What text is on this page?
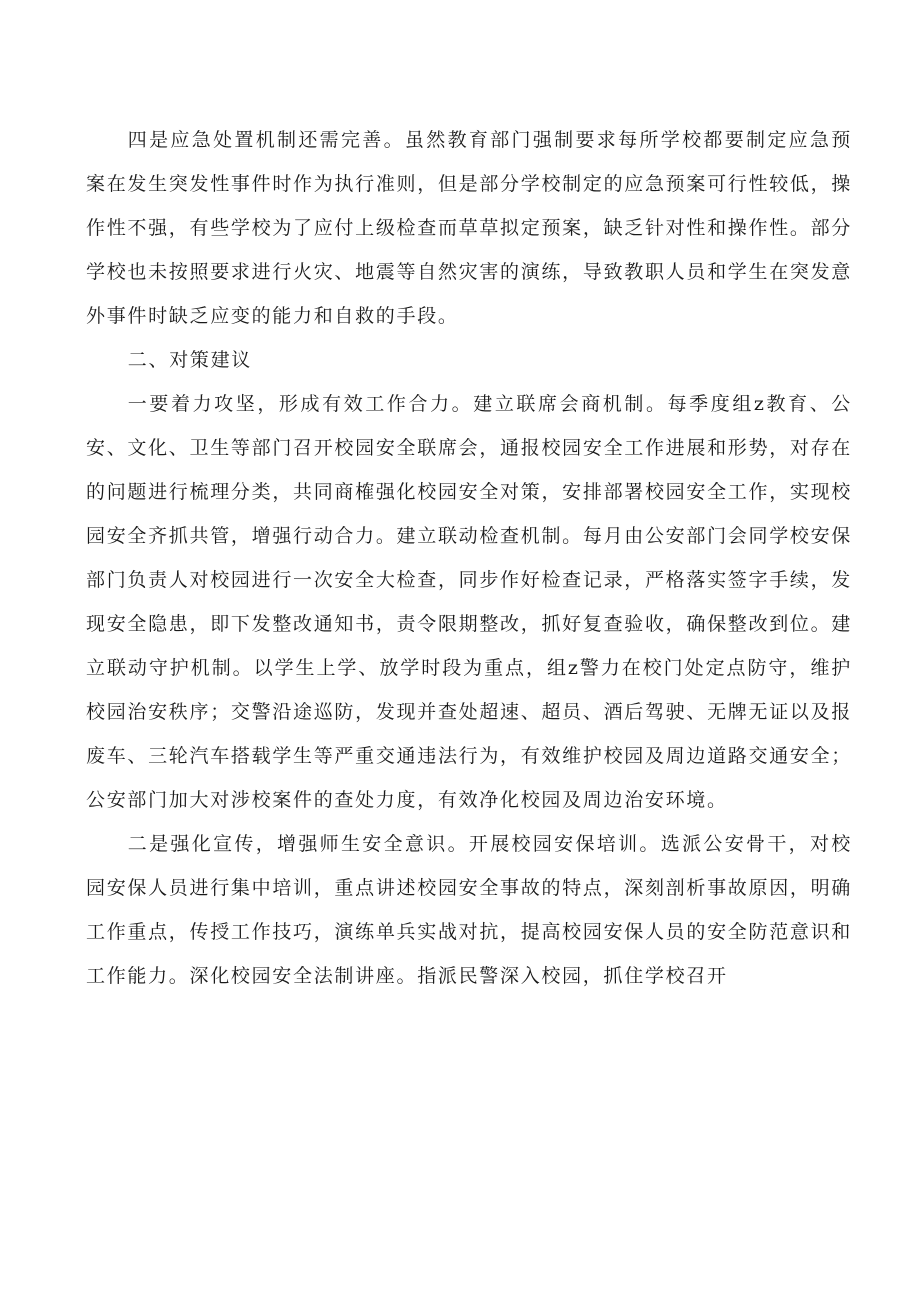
四是应急处置机制还需完善。虽然教育部门强制要求每所学校都要制定应急预案在发生突发性事件时作为执行准则，但是部分学校制定的应急预案可行性较低，操作性不强，有些学校为了应付上级检查而草草拟定预案，缺乏针对性和操作性。部分学校也未按照要求进行火灾、地震等自然灾害的演练，导致教职人员和学生在突发意外事件时缺乏应变的能力和自救的手段。

二、对策建议

一要着力攻坚，形成有效工作合力。建立联席会商机制。每季度组z教育、公安、文化、卫生等部门召开校园安全联席会，通报校园安全工作进展和形势，对存在的问题进行梳理分类，共同商榷强化校园安全对策，安排部署校园安全工作，实现校园安全齐抓共管，增强行动合力。建立联动检查机制。每月由公安部门会同学校安保部门负责人对校园进行一次安全大检查，同步作好检查记录，严格落实签字手续，发现安全隐患，即下发整改通知书，责令限期整改，抓好复查验收，确保整改到位。建立联动守护机制。以学生上学、放学时段为重点，组z警力在校门处定点防守，维护校园治安秩序；交警沿途巡防，发现并查处超速、超员、酒后驾驶、无牌无证以及报废车、三轮汽车搭载学生等严重交通违法行为，有效维护校园及周边道路交通安全；公安部门加大对涉校案件的查处力度，有效净化校园及周边治安环境。

二是强化宣传，增强师生安全意识。开展校园安保培训。选派公安骨干，对校园安保人员进行集中培训，重点讲述校园安全事故的特点，深刻剖析事故原因，明确工作重点，传授工作技巧，演练单兵实战对抗，提高校园安保人员的安全防范意识和工作能力。深化校园安全法制讲座。指派民警深入校园，抓住学校召开
